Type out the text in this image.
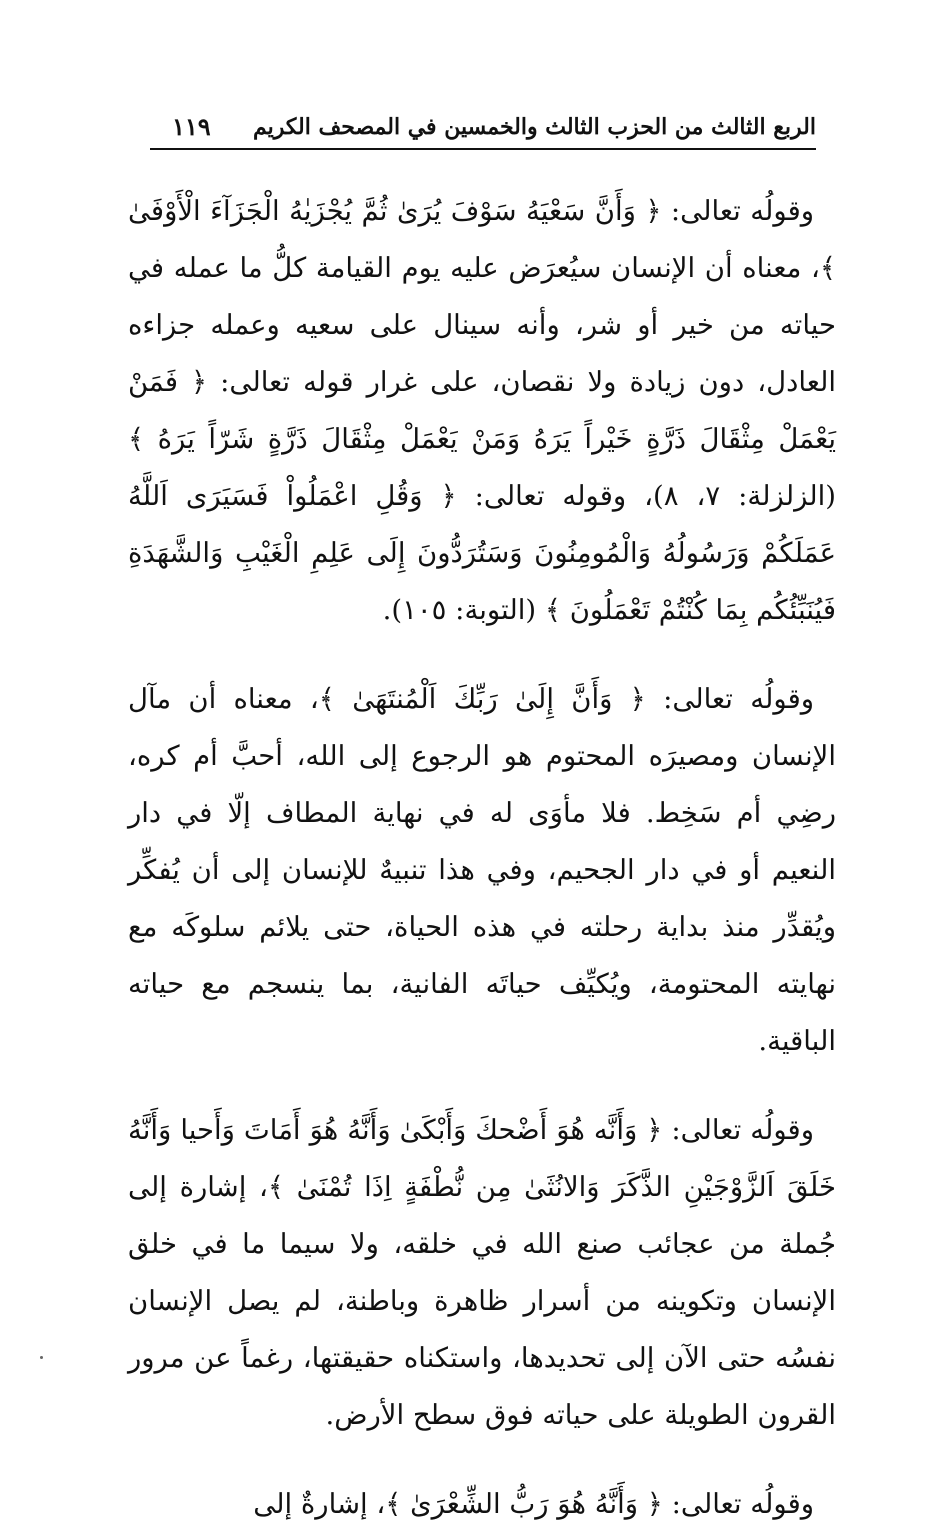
الربع الثالث من الحزب الثالث والخمسين في المصحف الكريم
١١٩

وقولُه تعالى: ﴿ وَأَنَّ سَعْيَهُ سَوْفَ يُرَىٰ ثُمَّ يُجْزَيٰهُ الْجَزَآءَ الْأَوْفَىٰ ﴾، معناه أن الإنسان سيُعرَض عليه يوم القيامة كلُّ ما عمله في حياته من خير أو شر، وأنه سينال على سعيه وعمله جزاءه العادل، دون زيادة ولا نقصان، على غرار قوله تعالى: ﴿ فَمَنْ يَعْمَلْ مِثْقَالَ ذَرَّةٍ خَيْراً يَرَهُ وَمَنْ يَعْمَلْ مِثْقَالَ ذَرَّةٍ شَرّاً يَرَهُ ﴾ (الزلزلة: ٧، ٨)، وقوله تعالى: ﴿ وَقُلِ اعْمَلُواْ فَسَيَرَى اَللَّهُ عَمَلَكُمْ وَرَسُولُهُ وَالْمُومِنُونَ وَسَتُرَدُّونَ إِلَى عَلِمِ الْغَيْبِ وَالشَّهَدَةِ فَيُنَبِّئُكُم بِمَا كُنْتُمْ تَعْمَلُونَ ﴾ (التوبة: ١٠٥).

وقولُه تعالى: ﴿ وَأَنَّ إِلَىٰ رَبِّكَ اَلْمُنتَهَىٰ ﴾، معناه أن مآل الإنسان ومصيرَه المحتوم هو الرجوع إلى الله، أحبَّ أم كره، رضِي أم سَخِط. فلا مأوَى له في نهاية المطاف إلّا في دار النعيم أو في دار الجحيم، وفي هذا تنبيهٌ للإنسان إلى أن يُفكِّر ويُقدِّر منذ بداية رحلته في هذه الحياة، حتى يلائم سلوكَه مع نهايته المحتومة، ويُكيِّف حياتَه الفانية، بما ينسجم مع حياته الباقية.

وقولُه تعالى: ﴿ وَأَنَّه هُوَ أَضْحكَ وَأَبْكَىٰ وَأَنَّهُ هُوَ أَمَاتَ وَأَحيا وَأَنَّهُ خَلَقَ اَلزَّوْجَيْنِ الذَّكَرَ وَالانُثَىٰ مِن نُّطْفَةٍ اِذَا تُمْنَىٰ ﴾، إشارة إلى جُملة من عجائب صنع الله في خلقه، ولا سيما ما في خلق الإنسان وتكوينه من أسرار ظاهرة وباطنة، لم يصل الإنسان نفسُه حتى الآن إلى تحديدها، واستكناه حقيقتها، رغماً عن مرور القرون الطويلة على حياته فوق سطح الأرض.

وقولُه تعالى: ﴿ وَأَنَّهُ هُوَ رَبُّ الشِّعْرَىٰ ﴾، إشارةٌ إلى
